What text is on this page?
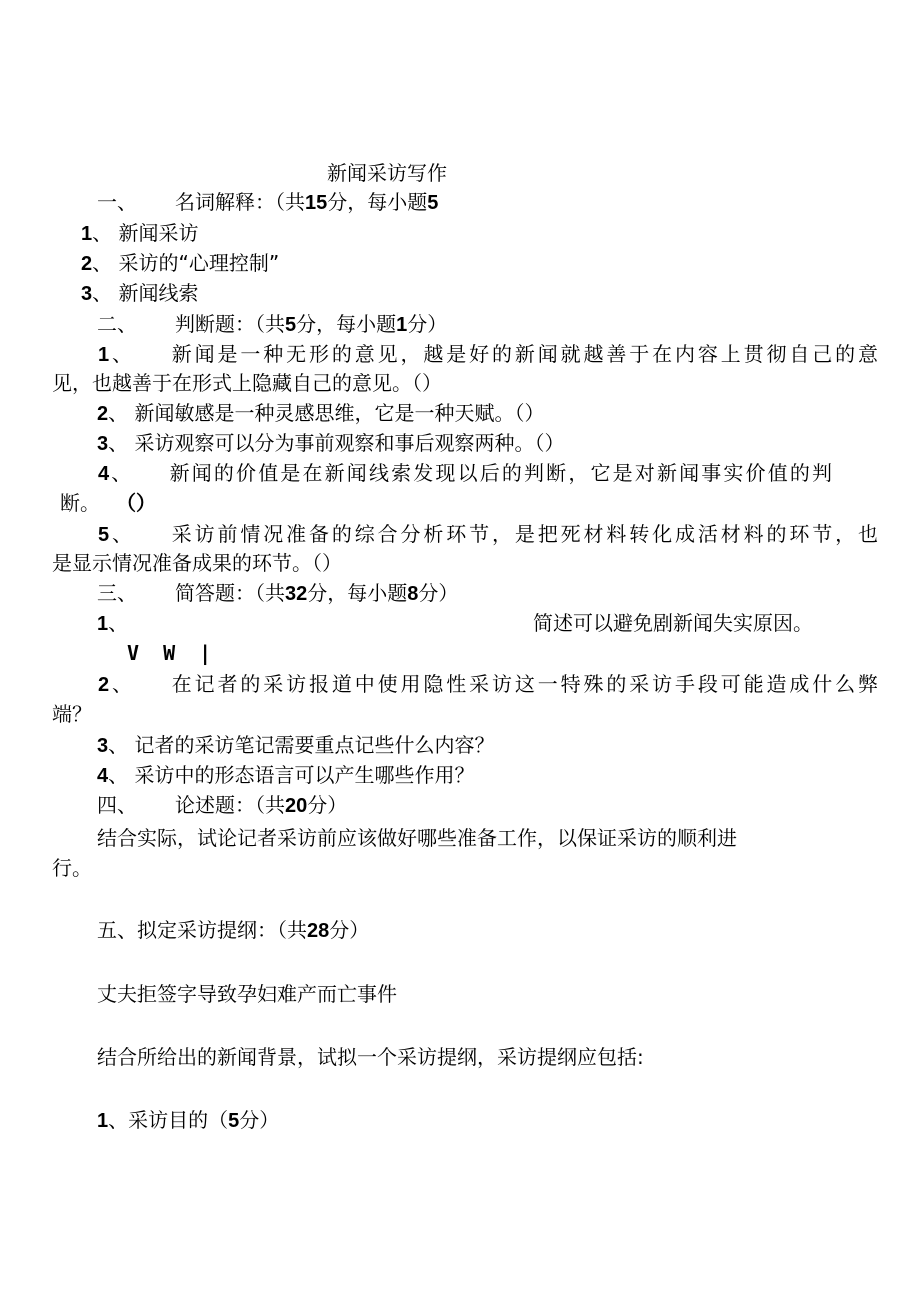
新闻采访写作
一、 名词解释：（共15分，每小题5
1、 新闻采访
2、 采访的“心理控制”
3、 新闻线索
二、 判断题：（共5分，每小题1分）
1、 新闻是一种无形的意见，越是好的新闻就越善于在内容上贯彻自己的意
见，也越善于在形式上隐藏自己的意见。（）
2、 新闻敏感是一种灵感思维，它是一种天赋。（）
3、 采访观察可以分为事前观察和事后观察两种。（）
4、 新闻的价值是在新闻线索发现以后的判断，它是对新闻事实价值的判
断。 （）
5、 采访前情况准备的综合分析环节，是把死材料转化成活材料的环节，也
是显示情况准备成果的环节。（）
三、 简答题：（共32分，每小题8分）
1、	简述可以避免剧新闻失实原因。
V W |
2、 在记者的采访报道中使用隐性采访这一特殊的采访手段可能造成什么弊
端？
3、 记者的采访笔记需要重点记些什么内容？
4、 采访中的形态语言可以产生哪些作用？
四、 论述题：（共20分）
结合实际，试论记者采访前应该做好哪些准备工作，以保证采访的顺利进
行。
五、拟定采访提纲：（共28分）
丈夫拒签字导致孕妇难产而亡事件
结合所给出的新闻背景，试拟一个采访提纲，采访提纲应包括:
1、采访目的（5分）
